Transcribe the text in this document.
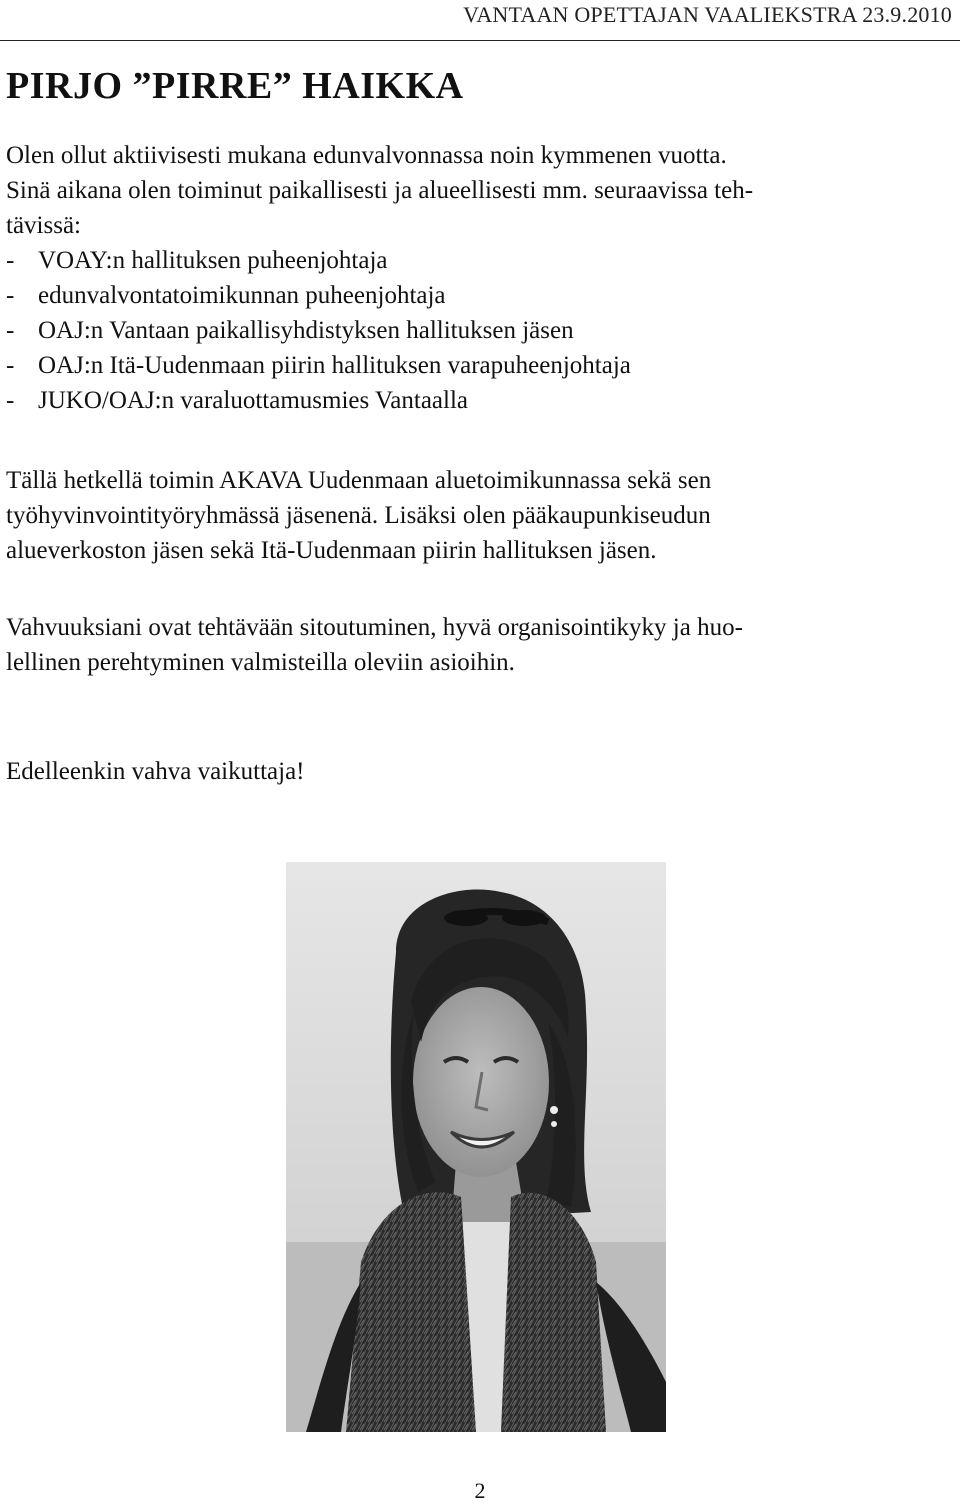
VANTAAN OPETTAJAN VAALIEKSTRA 23.9.2010
PIRJO ”PIRRE” HAIKKA
Olen ollut aktiivisesti mukana edunvalvonnassa noin kymmenen vuotta.
Sinä aikana olen toiminut paikallisesti ja alueellisesti mm. seuraavissa teh-
tävissä:
- VOAY:n hallituksen puheenjohtaja
- edunvalvontatoimikunnan puheenjohtaja
- OAJ:n Vantaan paikallisyhdistyksen hallituksen jäsen
- OAJ:n Itä-Uudenmaan piirin hallituksen varapuheenjohtaja
- JUKO/OAJ:n varaluottamusmies Vantaalla
Tällä hetkellä toimin AKAVA Uudenmaan aluetoimikunnassa sekä sen
työhyvinvointityöryhmässä jäsenenä. Lisäksi olen pääkaupunkiseudun
alueverkoston jäsen sekä Itä-Uudenmaan piirin hallituksen jäsen.
Vahvuuksiani ovat tehtävään sitoutuminen, hyvä organisointikyky ja huo-
lellinen perehtyminen valmisteilla oleviin asioihin.
Edelleenkin vahva vaikuttaja!
2
